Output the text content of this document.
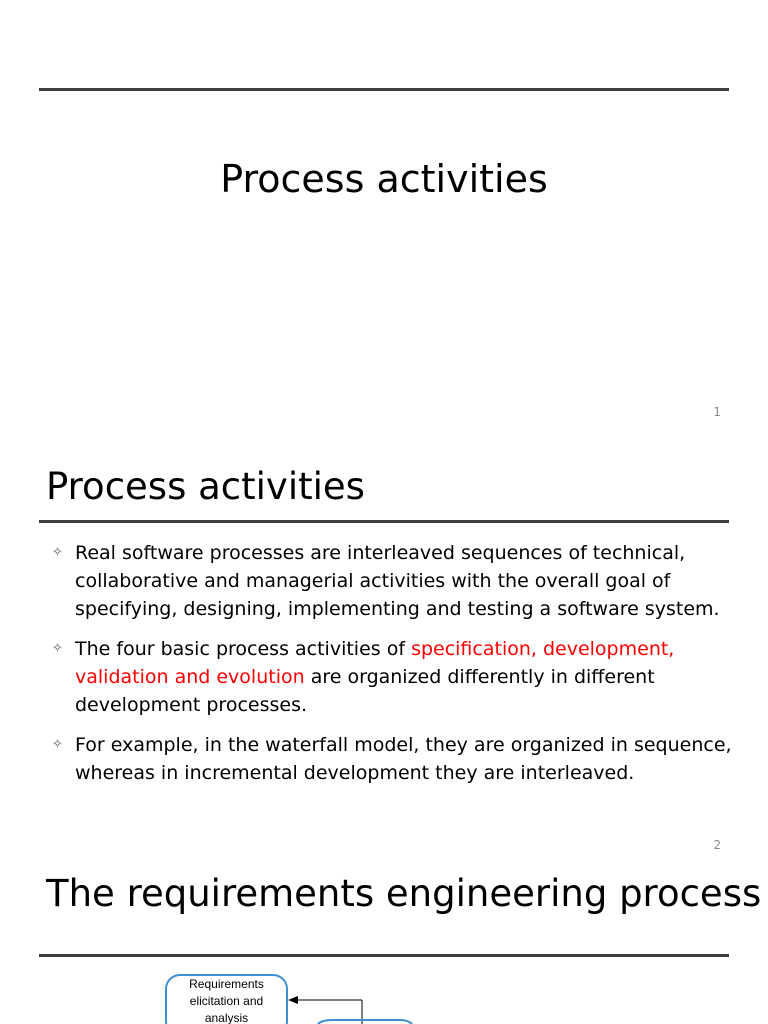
Process activities
1
Process activities
✧ Real software processes are interleaved sequences of technical, collaborative and managerial activities with the overall goal of specifying, designing, implementing and testing a software system.
✧ The four basic process activities of specification, development, validation and evolution are organized differently in different development processes.
✧ For example, in the waterfall model, they are organized in sequence, whereas in incremental development they are interleaved.
2
The requirements engineering process
Requirements
elicitation and
analysis
